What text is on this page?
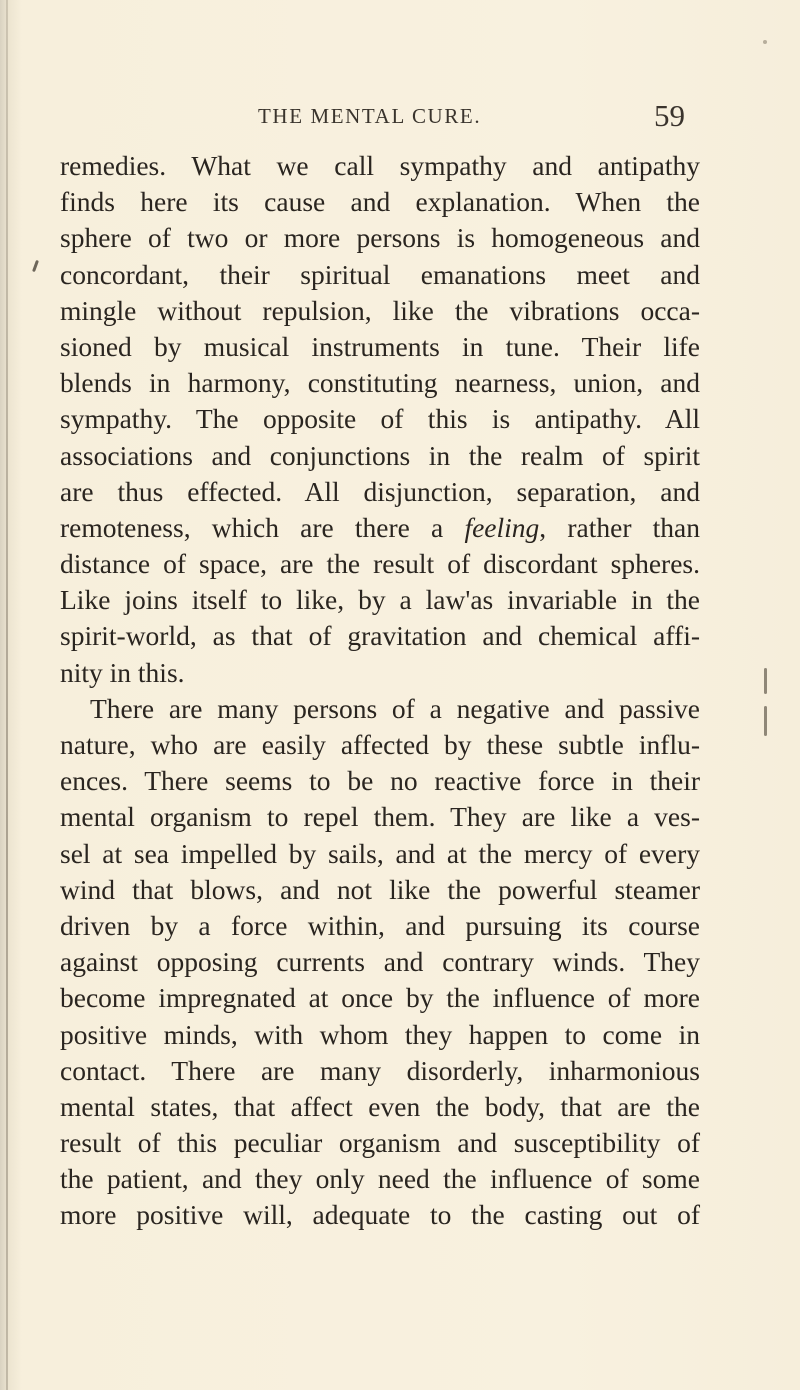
THE MENTAL CURE.	59
remedies. What we call sympathy and antipathy
finds here its cause and explanation. When the
sphere of two or more persons is homogeneous and
concordant, their spiritual emanations meet and
mingle without repulsion, like the vibrations occa-
sioned by musical instruments in tune. Their life
blends in harmony, constituting nearness, union, and
sympathy. The opposite of this is antipathy. All
associations and conjunctions in the realm of spirit
are thus effected. All disjunction, separation, and
remoteness, which are there a feeling, rather than
distance of space, are the result of discordant spheres.
Like joins itself to like, by a law'as invariable in the
spirit-world, as that of gravitation and chemical affi-
nity in this.
There are many persons of a negative and passive
nature, who are easily affected by these subtle influ-
ences. There seems to be no reactive force in their
mental organism to repel them. They are like a ves-
sel at sea impelled by sails, and at the mercy of every
wind that blows, and not like the powerful steamer
driven by a force within, and pursuing its course
against opposing currents and contrary winds. They
become impregnated at once by the influence of more
positive minds, with whom they happen to come in
contact. There are many disorderly, inharmonious
mental states, that affect even the body, that are the
result of this peculiar organism and susceptibility of
the patient, and they only need the influence of some
more positive will, adequate to the casting out of
